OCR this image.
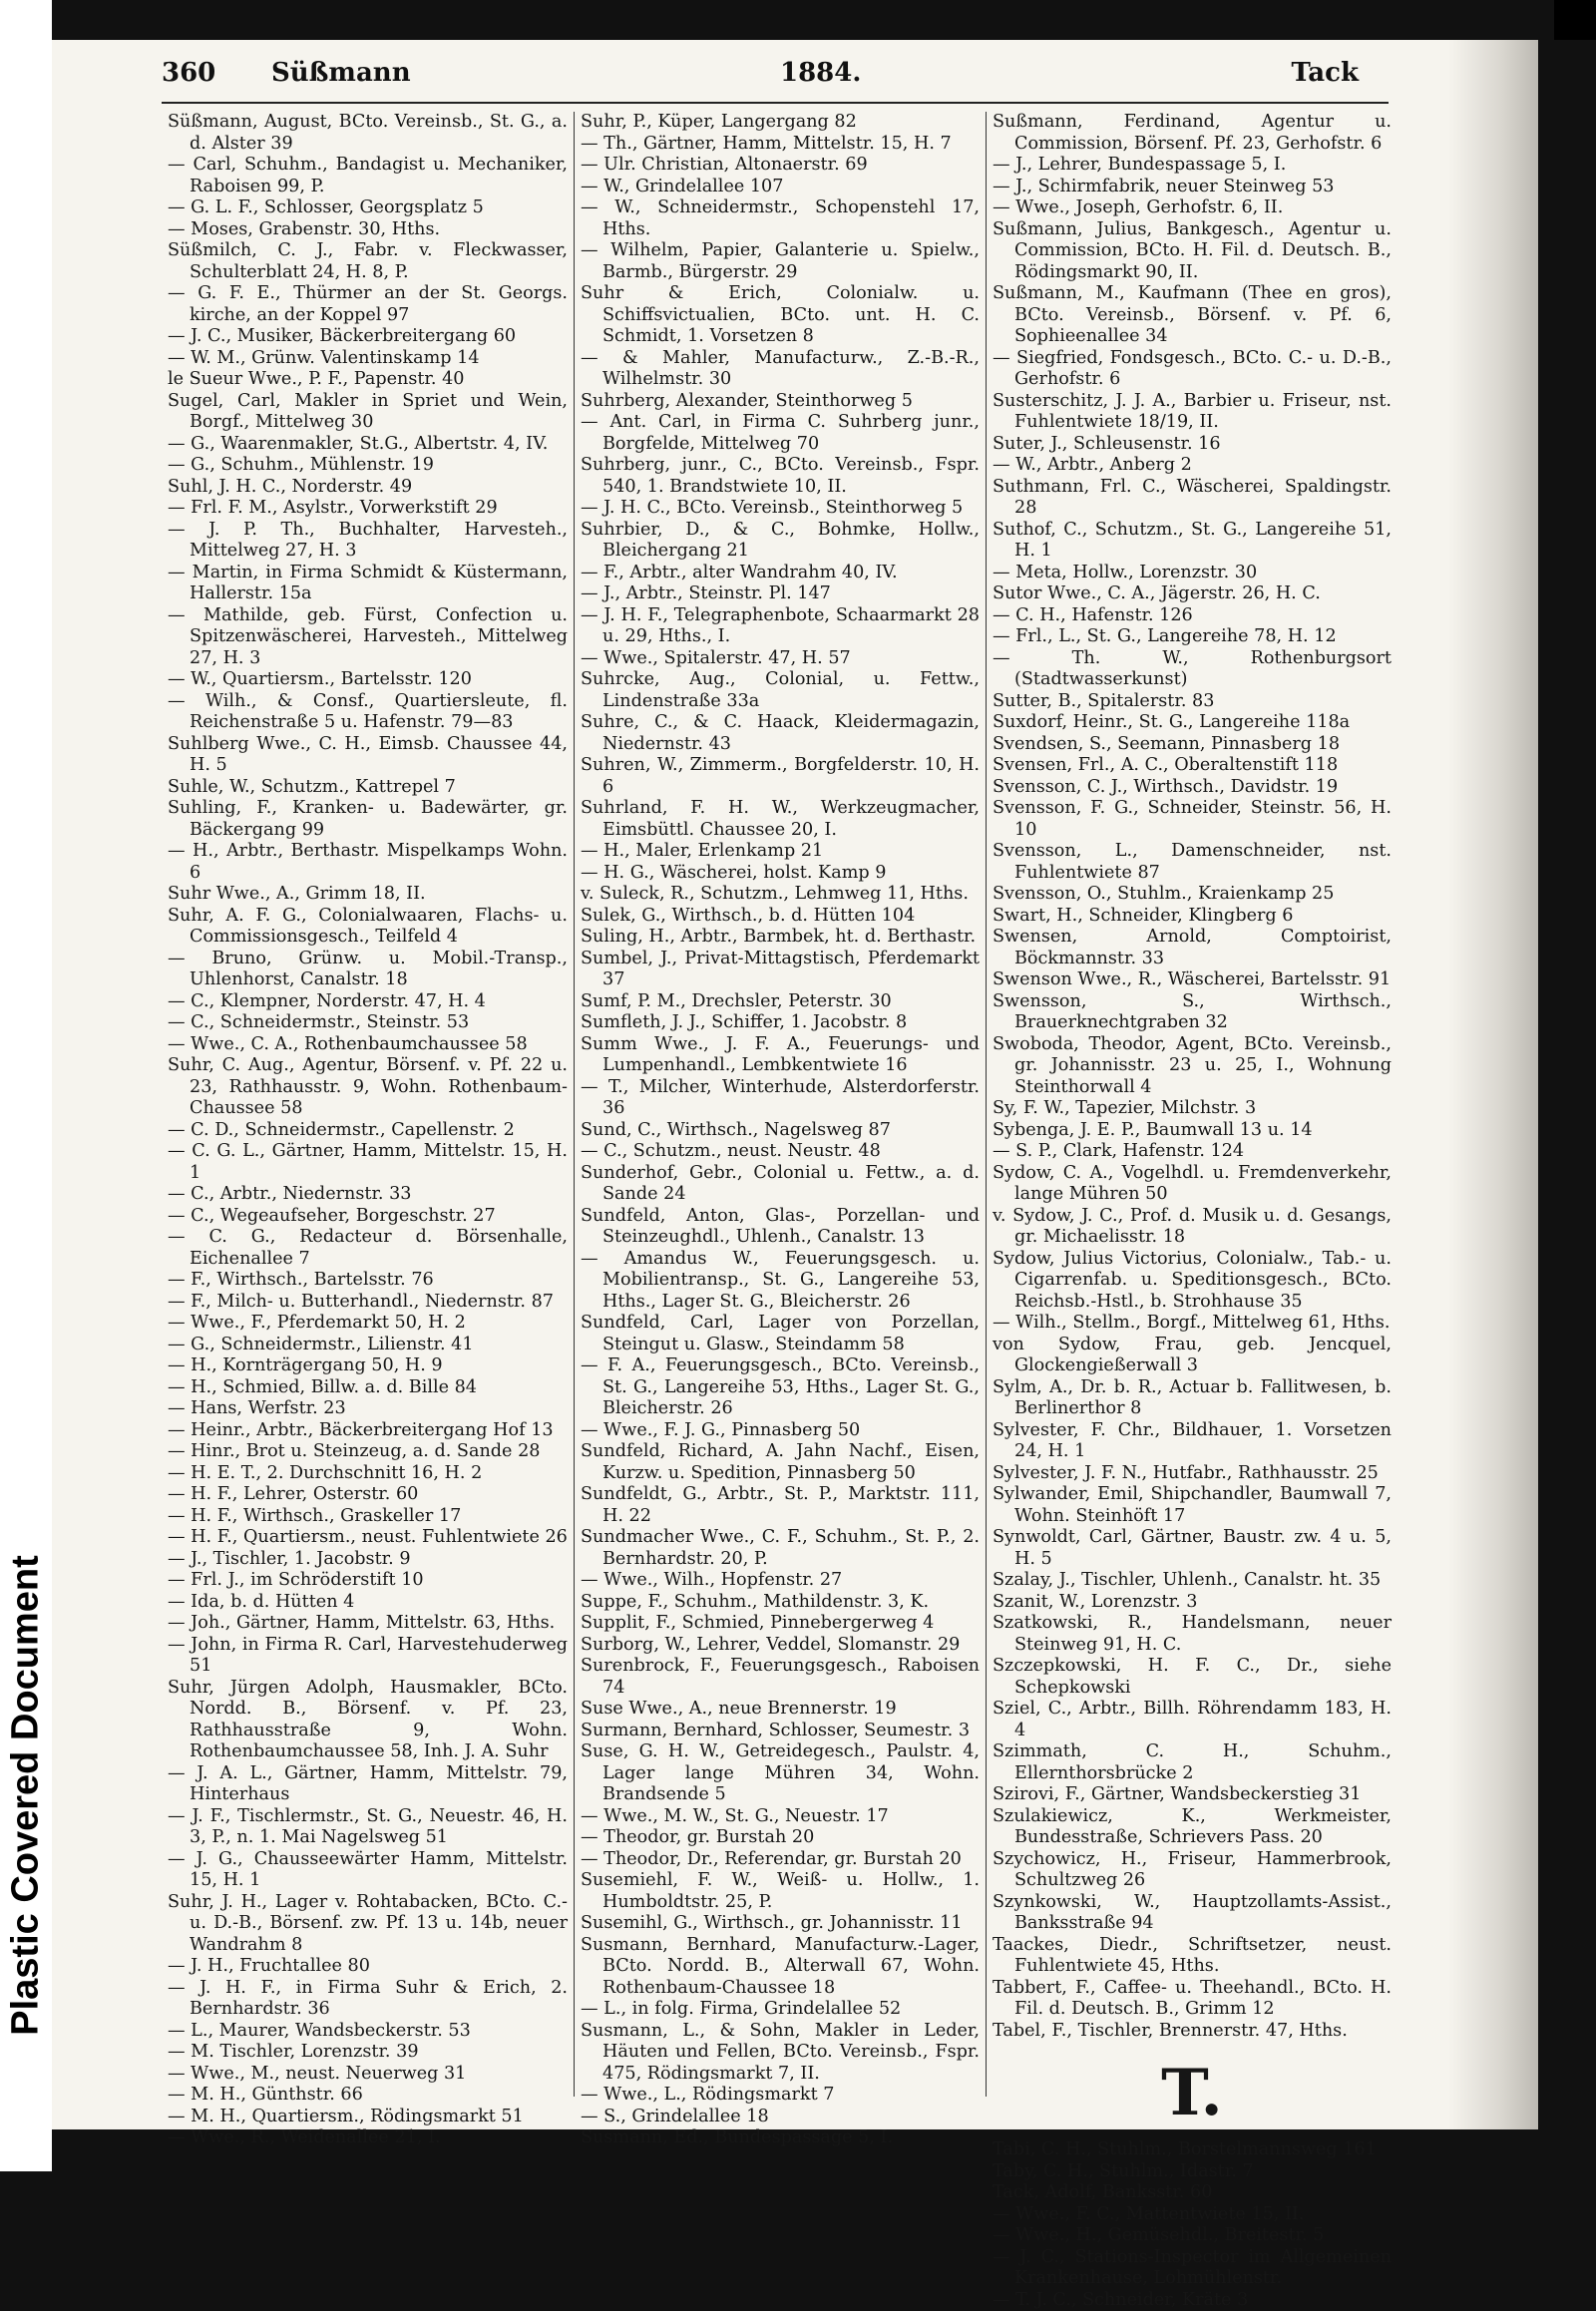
Plastic Covered Document
360 Süßmann	1884.	Tack
Süßmann, August, BCto. Vereinsb., St. G., a. d. Alster 39
— Carl, Schuhm., Bandagist u. Mechaniker, Raboisen 99, P.
— G. L. F., Schlosser, Georgsplatz 5
— Moses, Grabenstr. 30, Hths.
Süßmilch, C. J., Fabr. v. Fleckwasser, Schulterblatt 24, H. 8, P.
— G. F. E., Thürmer an der St. Georgs. kirche, an der Koppel 97
— J. C., Musiker, Bäckerbreitergang 60
— W. M., Grünw. Valentinskamp 14
le Sueur Wwe., P. F., Papenstr. 40
Sugel, Carl, Makler in Spriet und Wein, Borgf., Mittelweg 30
— G., Waarenmakler, St.G., Albertstr. 4, IV.
— G., Schuhm., Mühlenstr. 19
Suhl, J. H. C., Norderstr. 49
— Frl. F. M., Asylstr., Vorwerkstift 29
— J. P. Th., Buchhalter, Harvesteh., Mittelweg 27, H. 3
— Martin, in Firma Schmidt & Küstermann, Hallerstr. 15a
— Mathilde, geb. Fürst, Confection u. Spitzenwäscherei, Harvesteh., Mittelweg 27, H. 3
— W., Quartiersm., Bartelsstr. 120
— Wilh., & Consf., Quartiersleute, fl. Reichenstraße 5 u. Hafenstr. 79—83
Suhlberg Wwe., C. H., Eimsb. Chaussee 44, H. 5
Suhle, W., Schutzm., Kattrepel 7
Suhling, F., Kranken- u. Badewärter, gr. Bäckergang 99
— H., Arbtr., Berthastr. Mispelkamps Wohn. 6
Suhr Wwe., A., Grimm 18, II.
Suhr, A. F. G., Colonialwaaren, Flachs- u. Commissionsgesch., Teilfeld 4
— Bruno, Grünw. u. Mobil.-Transp., Uhlenhorst, Canalstr. 18
— C., Klempner, Norderstr. 47, H. 4
— C., Schneidermstr., Steinstr. 53
— Wwe., C. A., Rothenbaumchaussee 58
Suhr, C. Aug., Agentur, Börsenf. v. Pf. 22 u. 23, Rathhausstr. 9, Wohn. Rothenbaum-Chaussee 58
— C. D., Schneidermstr., Capellenstr. 2
— C. G. L., Gärtner, Hamm, Mittelstr. 15, H. 1
— C., Arbtr., Niedernstr. 33
— C., Wegeaufseher, Borgeschstr. 27
— C. G., Redacteur d. Börsenhalle, Eichenallee 7
— F., Wirthsch., Bartelsstr. 76
— F., Milch- u. Butterhandl., Niedernstr. 87
— Wwe., F., Pferdemarkt 50, H. 2
— G., Schneidermstr., Lilienstr. 41
— H., Kornträgergang 50, H. 9
— H., Schmied, Billw. a. d. Bille 84
— Hans, Werfstr. 23
— Heinr., Arbtr., Bäckerbreitergang Hof 13
— Hinr., Brot u. Steinzeug, a. d. Sande 28
— H. E. T., 2. Durchschnitt 16, H. 2
— H. F., Lehrer, Osterstr. 60
— H. F., Wirthsch., Graskeller 17
— H. F., Quartiersm., neust. Fuhlentwiete 26
— J., Tischler, 1. Jacobstr. 9
— Frl. J., im Schröderstift 10
— Ida, b. d. Hütten 4
— Joh., Gärtner, Hamm, Mittelstr. 63, Hths.
— John, in Firma R. Carl, Harvestehuderweg 51
Suhr, Jürgen Adolph, Hausmakler, BCto. Nordd. B., Börsenf. v. Pf. 23, Rathhausstraße 9, Wohn. Rothenbaumchaussee 58, Inh. J. A. Suhr
— J. A. L., Gärtner, Hamm, Mittelstr. 79, Hinterhaus
— J. F., Tischlermstr., St. G., Neuestr. 46, H. 3, P., n. 1. Mai Nagelsweg 51
— J. G., Chausseewärter Hamm, Mittelstr. 15, H. 1
Suhr, J. H., Lager v. Rohtabacken, BCto. C.- u. D.-B., Börsenf. zw. Pf. 13 u. 14b, neuer Wandrahm 8
— J. H., Fruchtallee 80
— J. H. F., in Firma Suhr & Erich, 2. Bernhardstr. 36
— L., Maurer, Wandsbeckerstr. 53
— M. Tischler, Lorenzstr. 39
— Wwe., M., neust. Neuerweg 31
— M. H., Günthstr. 66
— M. H., Quartiersm., Rödingsmarkt 51
— Wwe., R., Weidenallee 21, I.
Suhr, P., Küper, Langergang 82
— Th., Gärtner, Hamm, Mittelstr. 15, H. 7
— Ulr. Christian, Altonaerstr. 69
— W., Grindelallee 107
— W., Schneidermstr., Schopenstehl 17, Hths.
— Wilhelm, Papier, Galanterie u. Spielw., Barmb., Bürgerstr. 29
Suhr & Erich, Colonialw. u. Schiffsvictualien, BCto. unt. H. C. Schmidt, 1. Vorsetzen 8
— & Mahler, Manufacturw., Z.-B.-R., Wilhelmstr. 30
Suhrberg, Alexander, Steinthorweg 5
— Ant. Carl, in Firma C. Suhrberg junr., Borgfelde, Mittelweg 70
Suhrberg, junr., C., BCto. Vereinsb., Fspr. 540, 1. Brandstwiete 10, II.
— J. H. C., BCto. Vereinsb., Steinthorweg 5
Suhrbier, D., & C., Bohmke, Hollw., Bleichergang 21
— F., Arbtr., alter Wandrahm 40, IV.
— J., Arbtr., Steinstr. Pl. 147
— J. H. F., Telegraphenbote, Schaarmarkt 28 u. 29, Hths., I.
— Wwe., Spitalerstr. 47, H. 57
Suhrcke, Aug., Colonial, u. Fettw., Lindenstraße 33a
Suhre, C., & C. Haack, Kleidermagazin, Niedernstr. 43
Suhren, W., Zimmerm., Borgfelderstr. 10, H. 6
Suhrland, F. H. W., Werkzeugmacher, Eimsbüttl. Chaussee 20, I.
— H., Maler, Erlenkamp 21
— H. G., Wäscherei, holst. Kamp 9
v. Suleck, R., Schutzm., Lehmweg 11, Hths.
Sulek, G., Wirthsch., b. d. Hütten 104
Suling, H., Arbtr., Barmbek, ht. d. Berthastr.
Sumbel, J., Privat-Mittagstisch, Pferdemarkt 37
Sumf, P. M., Drechsler, Peterstr. 30
Sumfleth, J. J., Schiffer, 1. Jacobstr. 8
Summ Wwe., J. F. A., Feuerungs- und Lumpenhandl., Lembkentwiete 16
— T., Milcher, Winterhude, Alsterdorferstr. 36
Sund, C., Wirthsch., Nagelsweg 87
— C., Schutzm., neust. Neustr. 48
Sunderhof, Gebr., Colonial u. Fettw., a. d. Sande 24
Sundfeld, Anton, Glas-, Porzellan- und Steinzeughdl., Uhlenh., Canalstr. 13
— Amandus W., Feuerungsgesch. u. Mobilientransp., St. G., Langereihe 53, Hths., Lager St. G., Bleicherstr. 26
Sundfeld, Carl, Lager von Porzellan, Steingut u. Glasw., Steindamm 58
— F. A., Feuerungsgesch., BCto. Vereinsb., St. G., Langereihe 53, Hths., Lager St. G., Bleicherstr. 26
— Wwe., F. J. G., Pinnasberg 50
Sundfeld, Richard, A. Jahn Nachf., Eisen, Kurzw. u. Spedition, Pinnasberg 50
Sundfeldt, G., Arbtr., St. P., Marktstr. 111, H. 22
Sundmacher Wwe., C. F., Schuhm., St. P., 2. Bernhardstr. 20, P.
— Wwe., Wilh., Hopfenstr. 27
Suppe, F., Schuhm., Mathildenstr. 3, K.
Supplit, F., Schmied, Pinnebergerweg 4
Surborg, W., Lehrer, Veddel, Slomanstr. 29
Surenbrock, F., Feuerungsgesch., Raboisen 74
Suse Wwe., A., neue Brennerstr. 19
Surmann, Bernhard, Schlosser, Seumestr. 3
Suse, G. H. W., Getreidegesch., Paulstr. 4, Lager lange Mühren 34, Wohn. Brandsende 5
— Wwe., M. W., St. G., Neuestr. 17
— Theodor, gr. Burstah 20
— Theodor, Dr., Referendar, gr. Burstah 20
Susemiehl, F. W., Weiß- u. Hollw., 1. Humboldtstr. 25, P.
Susemihl, G., Wirthsch., gr. Johannisstr. 11
Susmann, Bernhard, Manufacturw.-Lager, BCto. Nordd. B., Alterwall 67, Wohn. Rothenbaum-Chaussee 18
— L., in folg. Firma, Grindelallee 52
Susmann, L., & Sohn, Makler in Leder, Häuten und Fellen, BCto. Vereinsb., Fspr. 475, Rödingsmarkt 7, II.
— Wwe., L., Rödingsmarkt 7
— S., Grindelallee 18
Susmann, Ed., Bundespassage 5, I.
Sußmann, Ferdinand, Agentur u. Commission, Börsenf. Pf. 23, Gerhofstr. 6
— J., Lehrer, Bundespassage 5, I.
— J., Schirmfabrik, neuer Steinweg 53
— Wwe., Joseph, Gerhofstr. 6, II.
Sußmann, Julius, Bankgesch., Agentur u. Commission, BCto. H. Fil. d. Deutsch. B., Rödingsmarkt 90, II.
Sußmann, M., Kaufmann (Thee en gros), BCto. Vereinsb., Börsenf. v. Pf. 6, Sophieenallee 34
— Siegfried, Fondsgesch., BCto. C.- u. D.-B., Gerhofstr. 6
Susterschitz, J. J. A., Barbier u. Friseur, nst. Fuhlentwiete 18/19, II.
Suter, J., Schleusenstr. 16
— W., Arbtr., Anberg 2
Suthmann, Frl. C., Wäscherei, Spaldingstr. 28
Suthof, C., Schutzm., St. G., Langereihe 51, H. 1
— Meta, Hollw., Lorenzstr. 30
Sutor Wwe., C. A., Jägerstr. 26, H. C.
— C. H., Hafenstr. 126
— Frl., L., St. G., Langereihe 78, H. 12
— Th. W., Rothenburgsort (Stadtwasserkunst)
Sutter, B., Spitalerstr. 83
Suxdorf, Heinr., St. G., Langereihe 118a
Svendsen, S., Seemann, Pinnasberg 18
Svensen, Frl., A. C., Oberaltenstift 118
Svensson, C. J., Wirthsch., Davidstr. 19
Svensson, F. G., Schneider, Steinstr. 56, H. 10
Svensson, L., Damenschneider, nst. Fuhlentwiete 87
Svensson, O., Stuhlm., Kraienkamp 25
Swart, H., Schneider, Klingberg 6
Swensen, Arnold, Comptoirist, Böckmannstr. 33
Swenson Wwe., R., Wäscherei, Bartelsstr. 91
Swensson, S., Wirthsch., Brauerknechtgraben 32
Swoboda, Theodor, Agent, BCto. Vereinsb., gr. Johannisstr. 23 u. 25, I., Wohnung Steinthorwall 4
Sy, F. W., Tapezier, Milchstr. 3
Sybenga, J. E. P., Baumwall 13 u. 14
— S. P., Clark, Hafenstr. 124
Sydow, C. A., Vogelhdl. u. Fremdenverkehr, lange Mühren 50
v. Sydow, J. C., Prof. d. Musik u. d. Gesangs, gr. Michaelisstr. 18
Sydow, Julius Victorius, Colonialw., Tab.- u. Cigarrenfab. u. Speditionsgesch., BCto. Reichsb.-Hstl., b. Strohhause 35
— Wilh., Stellm., Borgf., Mittelweg 61, Hths.
von Sydow, Frau, geb. Jencquel, Glockengießerwall 3
Sylm, A., Dr. b. R., Actuar b. Fallitwesen, b. Berlinerthor 8
Sylvester, F. Chr., Bildhauer, 1. Vorsetzen 24, H. 1
Sylvester, J. F. N., Hutfabr., Rathhausstr. 25
Sylwander, Emil, Shipchandler, Baumwall 7, Wohn. Steinhöft 17
Synwoldt, Carl, Gärtner, Baustr. zw. 4 u. 5, H. 5
Szalay, J., Tischler, Uhlenh., Canalstr. ht. 35
Szanit, W., Lorenzstr. 3
Szatkowski, R., Handelsmann, neuer Steinweg 91, H. C.
Szczepkowski, H. F. C., Dr., siehe Schepkowski
Sziel, C., Arbtr., Billh. Röhrendamm 183, H. 4
Szimmath, C. H., Schuhm., Ellernthorsbrücke 2
Szirovi, F., Gärtner, Wandsbeckerstieg 31
Szulakiewicz, K., Werkmeister, Bundesstraße, Schrievers Pass. 20
Szychowicz, H., Friseur, Hammerbrook, Schultzweg 26
Szynkowski, W., Hauptzollamts-Assist., Banksstraße 94
Taackes, Diedr., Schriftsetzer, neust. Fuhlentwiete 45, Hths.
Tabbert, F., Caffee- u. Theehandl., BCto. H. Fil. d. Deutsch. B., Grimm 12
Tabel, F., Tischler, Brennerstr. 47, Hths.
T.
Tabi, C. H., Stuhlm., Borstelmannsweg 161
Taby, C. H., Stuhlm., Idastr. 7
Tack, Adolf, Banksstr. 60
— Wwe., F. C., Mattentwiete 15, II.
— Wwe., H., Gemüsehdl., Breitestr. 5
— J. C., Stations-Inspector im Allgemeinen Krankenhause, Lohmühlenstr.
— T. J. C., Schneider, Kräte 3
